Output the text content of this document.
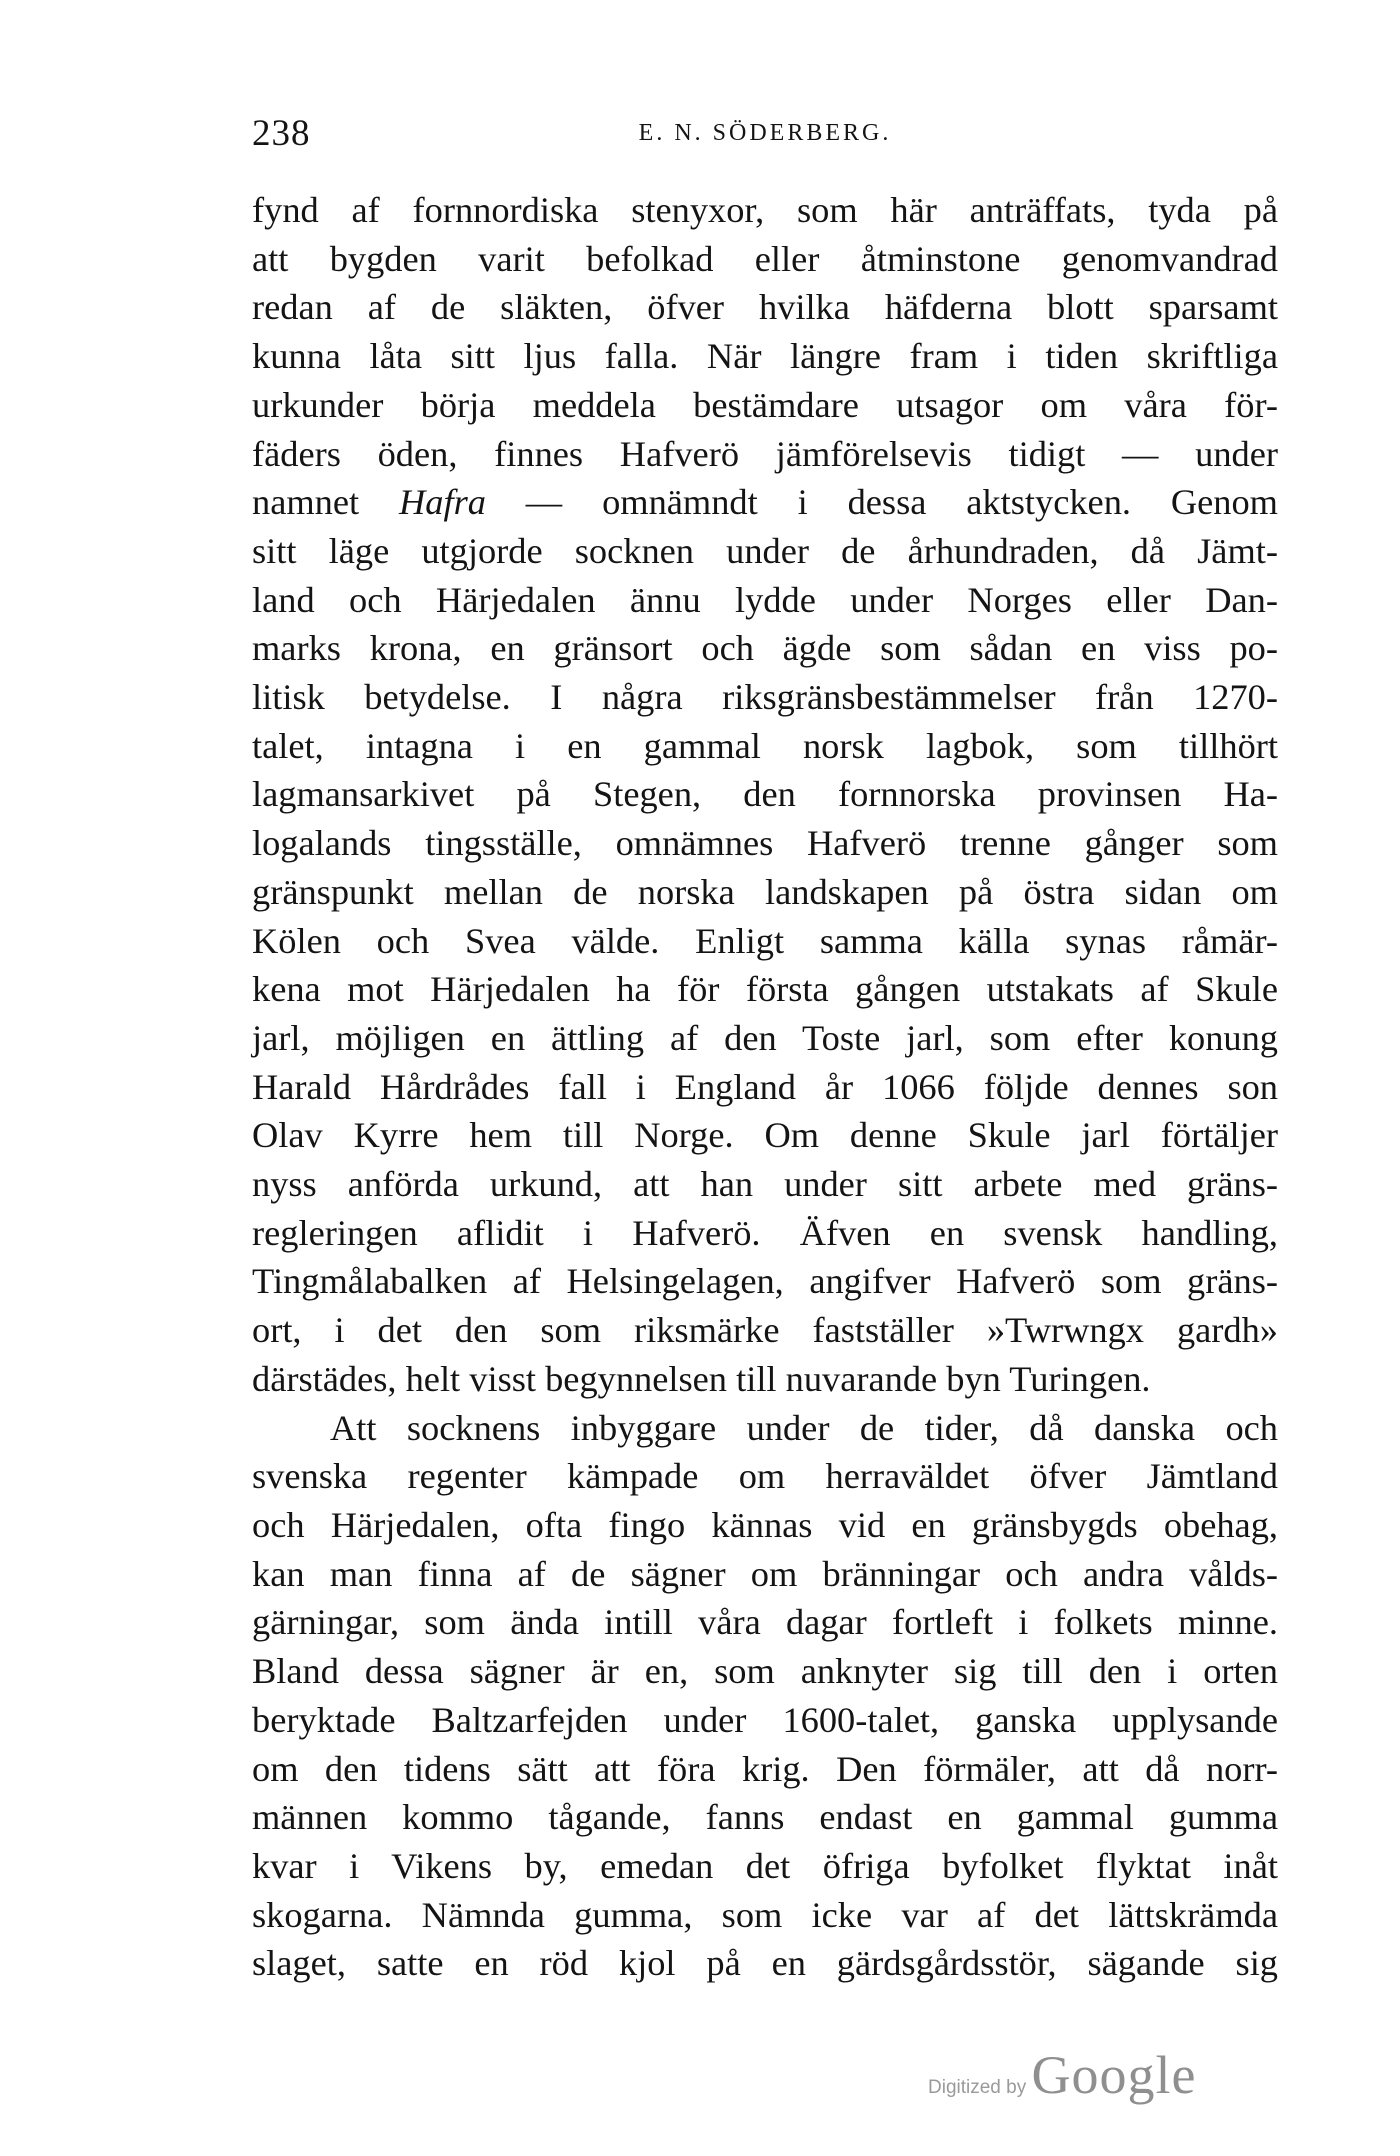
238	E. N. SÖDERBERG.

fynd af fornnordiska stenyxor, som här anträffats, tyda på
att bygden varit befolkad eller åtminstone genomvandrad
redan af de släkten, öfver hvilka häfderna blott sparsamt
kunna låta sitt ljus falla. När längre fram i tiden skriftliga
urkunder börja meddela bestämdare utsagor om våra för-
fäders öden, finnes Hafverö jämförelsevis tidigt — under
namnet Hafra — omnämndt i dessa aktstycken. Genom
sitt läge utgjorde socknen under de århundraden, då Jämt-
land och Härjedalen ännu lydde under Norges eller Dan-
marks krona, en gränsort och ägde som sådan en viss po-
litisk betydelse. I några riksgränsbestämmelser från 1270-
talet, intagna i en gammal norsk lagbok, som tillhört
lagmansarkivet på Stegen, den fornnorska provinsen Ha-
logalands tingsställe, omnämnes Hafverö trenne gånger som
gränspunkt mellan de norska landskapen på östra sidan om
Kölen och Svea välde. Enligt samma källa synas råmär-
kena mot Härjedalen ha för första gången utstakats af Skule
jarl, möjligen en ättling af den Toste jarl, som efter konung
Harald Hårdrådes fall i England år 1066 följde dennes son
Olav Kyrre hem till Norge. Om denne Skule jarl förtäljer
nyss anförda urkund, att han under sitt arbete med gräns-
regleringen aflidit i Hafverö. Äfven en svensk handling,
Tingmålabalken af Helsingelagen, angifver Hafverö som gräns-
ort, i det den som riksmärke fastställer »Twrwngx gardh»
därstädes, helt visst begynnelsen till nuvarande byn Turingen.

Att socknens inbyggare under de tider, då danska och
svenska regenter kämpade om herraväldet öfver Jämtland
och Härjedalen, ofta fingo kännas vid en gränsbygds obehag,
kan man finna af de sägner om bränningar och andra vålds-
gärningar, som ända intill våra dagar fortleft i folkets minne.
Bland dessa sägner är en, som anknyter sig till den i orten
beryktade Baltzarfejden under 1600-talet, ganska upplysande
om den tidens sätt att föra krig. Den förmäler, att då norr-
männen kommo tågande, fanns endast en gammal gumma
kvar i Vikens by, emedan det öfriga byfolket flyktat inåt
skogarna. Nämnda gumma, som icke var af det lättskrämda
slaget, satte en röd kjol på en gärdsgårdsstör, sägande sig

Digitized by Google
